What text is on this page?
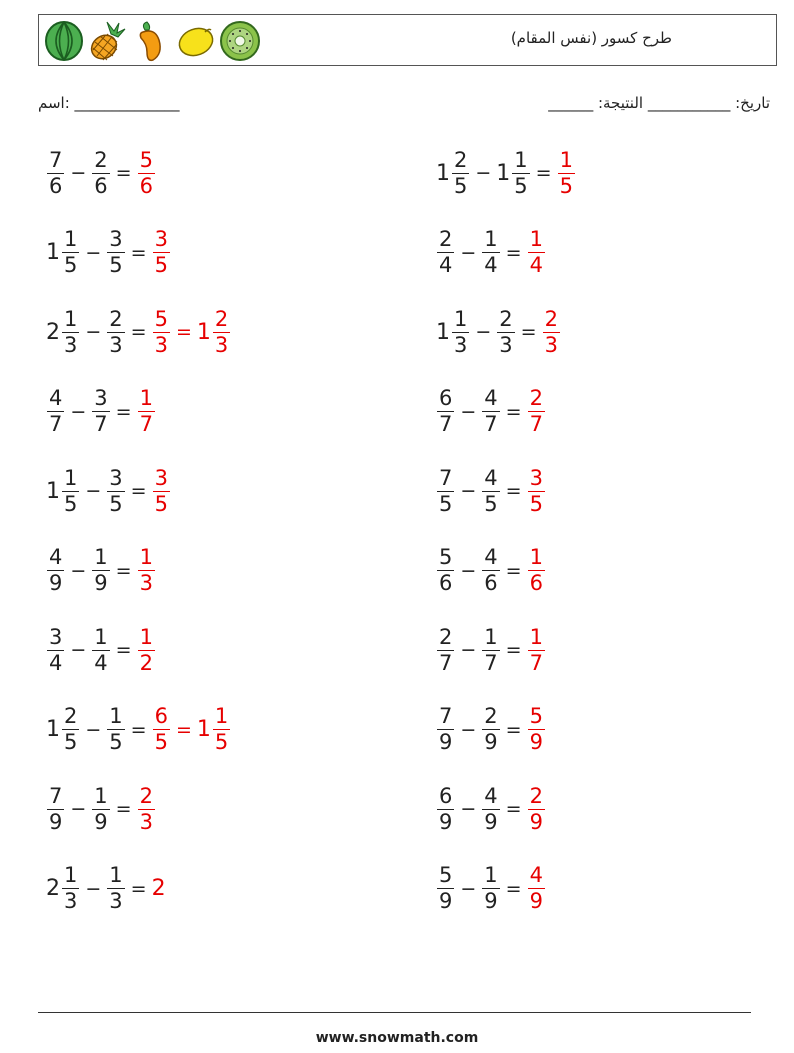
طرح كسور (نفس المقام)
اسم: ______________	______ :تاريخ: ___________ النتيجة
$\frac{7}{6} - \frac{2}{6} = \frac{5}{6}$
$1 \frac{1}{5} - \frac{3}{5} = \frac{3}{5}$
$2 \frac{1}{3} - \frac{2}{3} = \frac{5}{3} = 1 \frac{2}{3}$
$\frac{4}{7} - \frac{3}{7} = \frac{1}{7}$
$1 \frac{1}{5} - \frac{3}{5} = \frac{3}{5}$
$\frac{4}{9} - \frac{1}{9} = \frac{1}{3}$
$\frac{3}{4} - \frac{1}{4} = \frac{1}{2}$
$1 \frac{2}{5} - \frac{1}{5} = \frac{6}{5} = 1 \frac{1}{5}$
$\frac{7}{9} - \frac{1}{9} = \frac{2}{3}$
$2 \frac{1}{3} - \frac{1}{3} = 2$
$1 \frac{2}{5} - 1 \frac{1}{5} = \frac{1}{5}$
$\frac{2}{4} - \frac{1}{4} = \frac{1}{4}$
$1 \frac{1}{3} - \frac{2}{3} = \frac{2}{3}$
$\frac{6}{7} - \frac{4}{7} = \frac{2}{7}$
$\frac{7}{5} - \frac{4}{5} = \frac{3}{5}$
$\frac{5}{6} - \frac{4}{6} = \frac{1}{6}$
$\frac{2}{7} - \frac{1}{7} = \frac{1}{7}$
$\frac{7}{9} - \frac{2}{9} = \frac{5}{9}$
$\frac{6}{9} - \frac{4}{9} = \frac{2}{9}$
$\frac{5}{9} - \frac{1}{9} = \frac{4}{9}$
www.snowmath.com
